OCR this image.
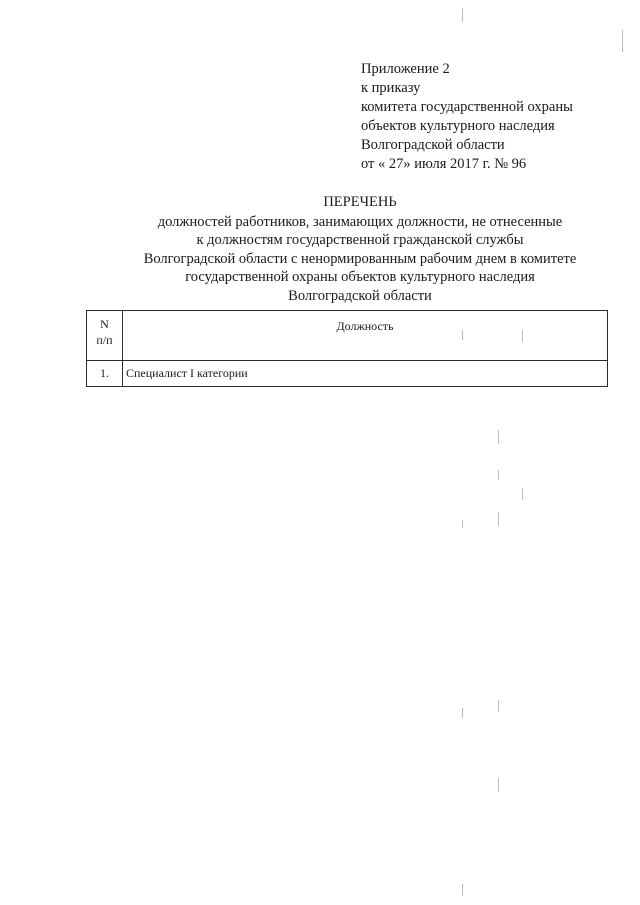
Приложение 2
к приказу
комитета государственной охраны
объектов культурного наследия
Волгоградской области
от « 27» июля 2017 г. № 96
ПЕРЕЧЕНЬ
должностей работников, занимающих должности, не отнесенные
к должностям государственной гражданской службы
Волгоградской области с ненормированным рабочим днем в комитете
государственной охраны объектов культурного наследия
Волгоградской области
N
п/п	Должность
1.	Специалист I категории
